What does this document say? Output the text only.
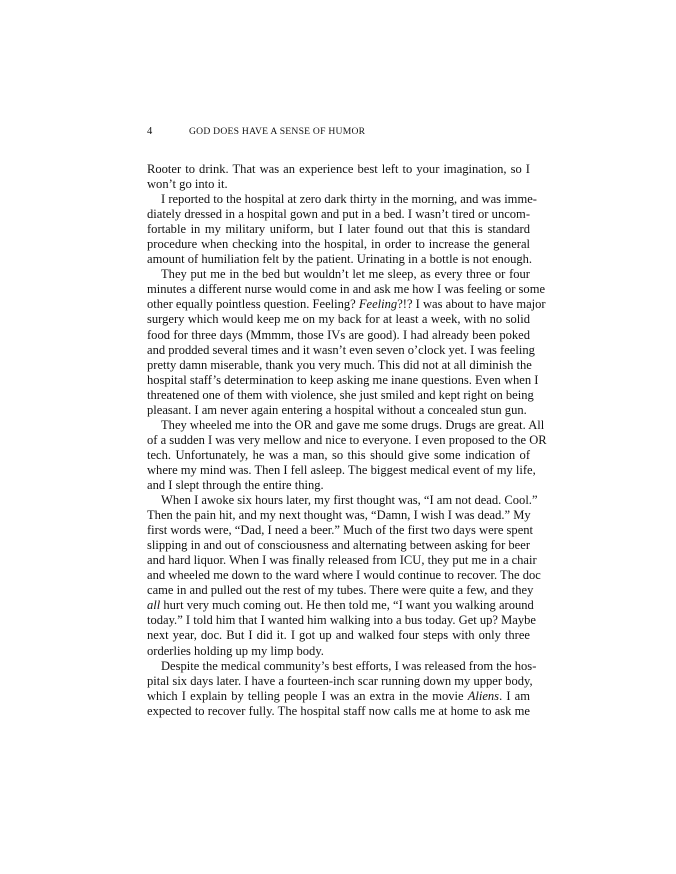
4	GOD DOES HAVE A SENSE OF HUMOR
Rooter to drink. That was an experience best left to your imagination, so I
won’t go into it.
I reported to the hospital at zero dark thirty in the morning, and was imme-
diately dressed in a hospital gown and put in a bed. I wasn’t tired or uncom-
fortable in my military uniform, but I later found out that this is standard
procedure when checking into the hospital, in order to increase the general
amount of humiliation felt by the patient. Urinating in a bottle is not enough.
They put me in the bed but wouldn’t let me sleep, as every three or four
minutes a different nurse would come in and ask me how I was feeling or some
other equally pointless question. Feeling? Feeling?!? I was about to have major
surgery which would keep me on my back for at least a week, with no solid
food for three days (Mmmm, those IVs are good). I had already been poked
and prodded several times and it wasn’t even seven o’clock yet. I was feeling
pretty damn miserable, thank you very much. This did not at all diminish the
hospital staff’s determination to keep asking me inane questions. Even when I
threatened one of them with violence, she just smiled and kept right on being
pleasant. I am never again entering a hospital without a concealed stun gun.
They wheeled me into the OR and gave me some drugs. Drugs are great. All
of a sudden I was very mellow and nice to everyone. I even proposed to the OR
tech. Unfortunately, he was a man, so this should give some indication of
where my mind was. Then I fell asleep. The biggest medical event of my life,
and I slept through the entire thing.
When I awoke six hours later, my first thought was, “I am not dead. Cool.”
Then the pain hit, and my next thought was, “Damn, I wish I was dead.” My
first words were, “Dad, I need a beer.” Much of the first two days were spent
slipping in and out of consciousness and alternating between asking for beer
and hard liquor. When I was finally released from ICU, they put me in a chair
and wheeled me down to the ward where I would continue to recover. The doc
came in and pulled out the rest of my tubes. There were quite a few, and they
all hurt very much coming out. He then told me, “I want you walking around
today.” I told him that I wanted him walking into a bus today. Get up? Maybe
next year, doc. But I did it. I got up and walked four steps with only three
orderlies holding up my limp body.
Despite the medical community’s best efforts, I was released from the hos-
pital six days later. I have a fourteen-inch scar running down my upper body,
which I explain by telling people I was an extra in the movie Aliens. I am
expected to recover fully. The hospital staff now calls me at home to ask me
